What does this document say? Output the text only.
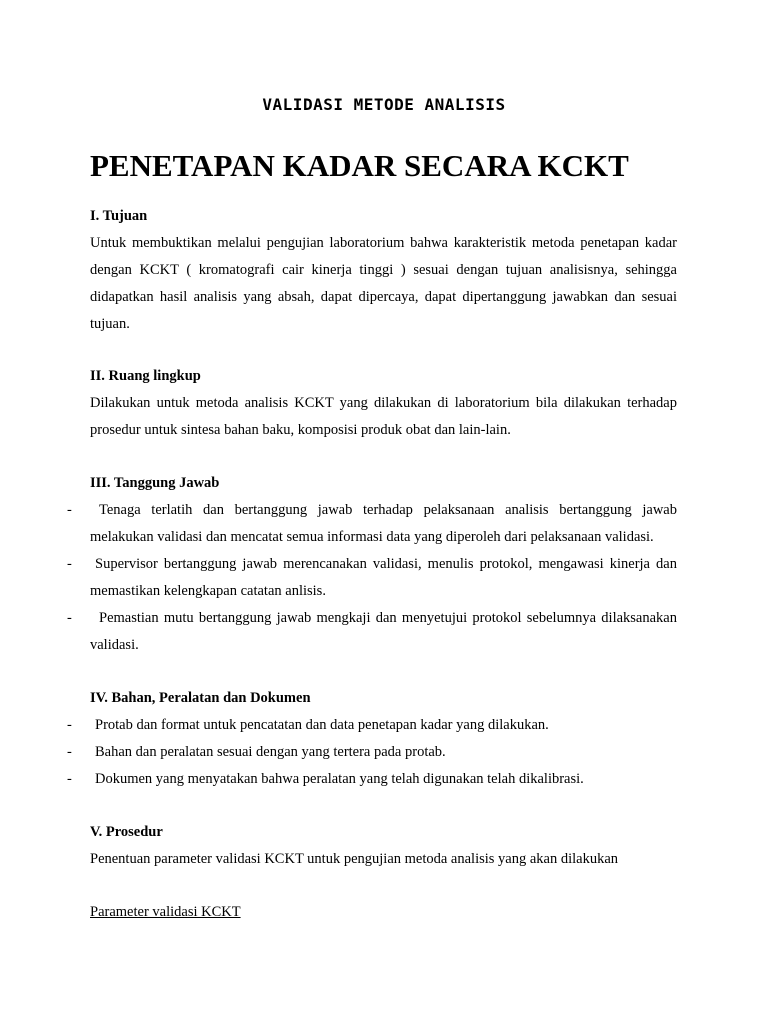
VALIDASI METODE ANALISIS
PENETAPAN KADAR SECARA KCKT

I. Tujuan

Untuk membuktikan melalui pengujian laboratorium bahwa karakteristik metoda penetapan kadar dengan KCKT ( kromatografi cair kinerja tinggi ) sesuai dengan tujuan analisisnya, sehingga didapatkan hasil analisis yang absah, dapat dipercaya, dapat dipertanggung jawabkan dan sesuai tujuan.

II. Ruang lingkup

Dilakukan untuk metoda analisis KCKT yang dilakukan di laboratorium bila dilakukan terhadap prosedur untuk sintesa bahan baku, komposisi produk obat dan lain-lain.

III. Tanggung Jawab

-	Tenaga terlatih dan bertanggung jawab terhadap pelaksanaan analisis bertanggung jawab melakukan validasi dan mencatat semua informasi data yang diperoleh dari pelaksanaan validasi.
-	Supervisor bertanggung jawab merencanakan validasi, menulis protokol, mengawasi kinerja dan memastikan kelengkapan catatan anlisis.
-	Pemastian mutu bertanggung jawab mengkaji dan menyetujui protokol sebelumnya dilaksanakan validasi.

IV. Bahan, Peralatan dan Dokumen

-	Protab dan format untuk pencatatan dan data penetapan kadar yang dilakukan.
-	Bahan dan peralatan sesuai dengan yang tertera pada protab.
-	Dokumen yang menyatakan bahwa peralatan yang telah digunakan telah dikalibrasi.

V. Prosedur

Penentuan parameter validasi KCKT untuk pengujian metoda analisis yang akan dilakukan

Parameter validasi KCKT
